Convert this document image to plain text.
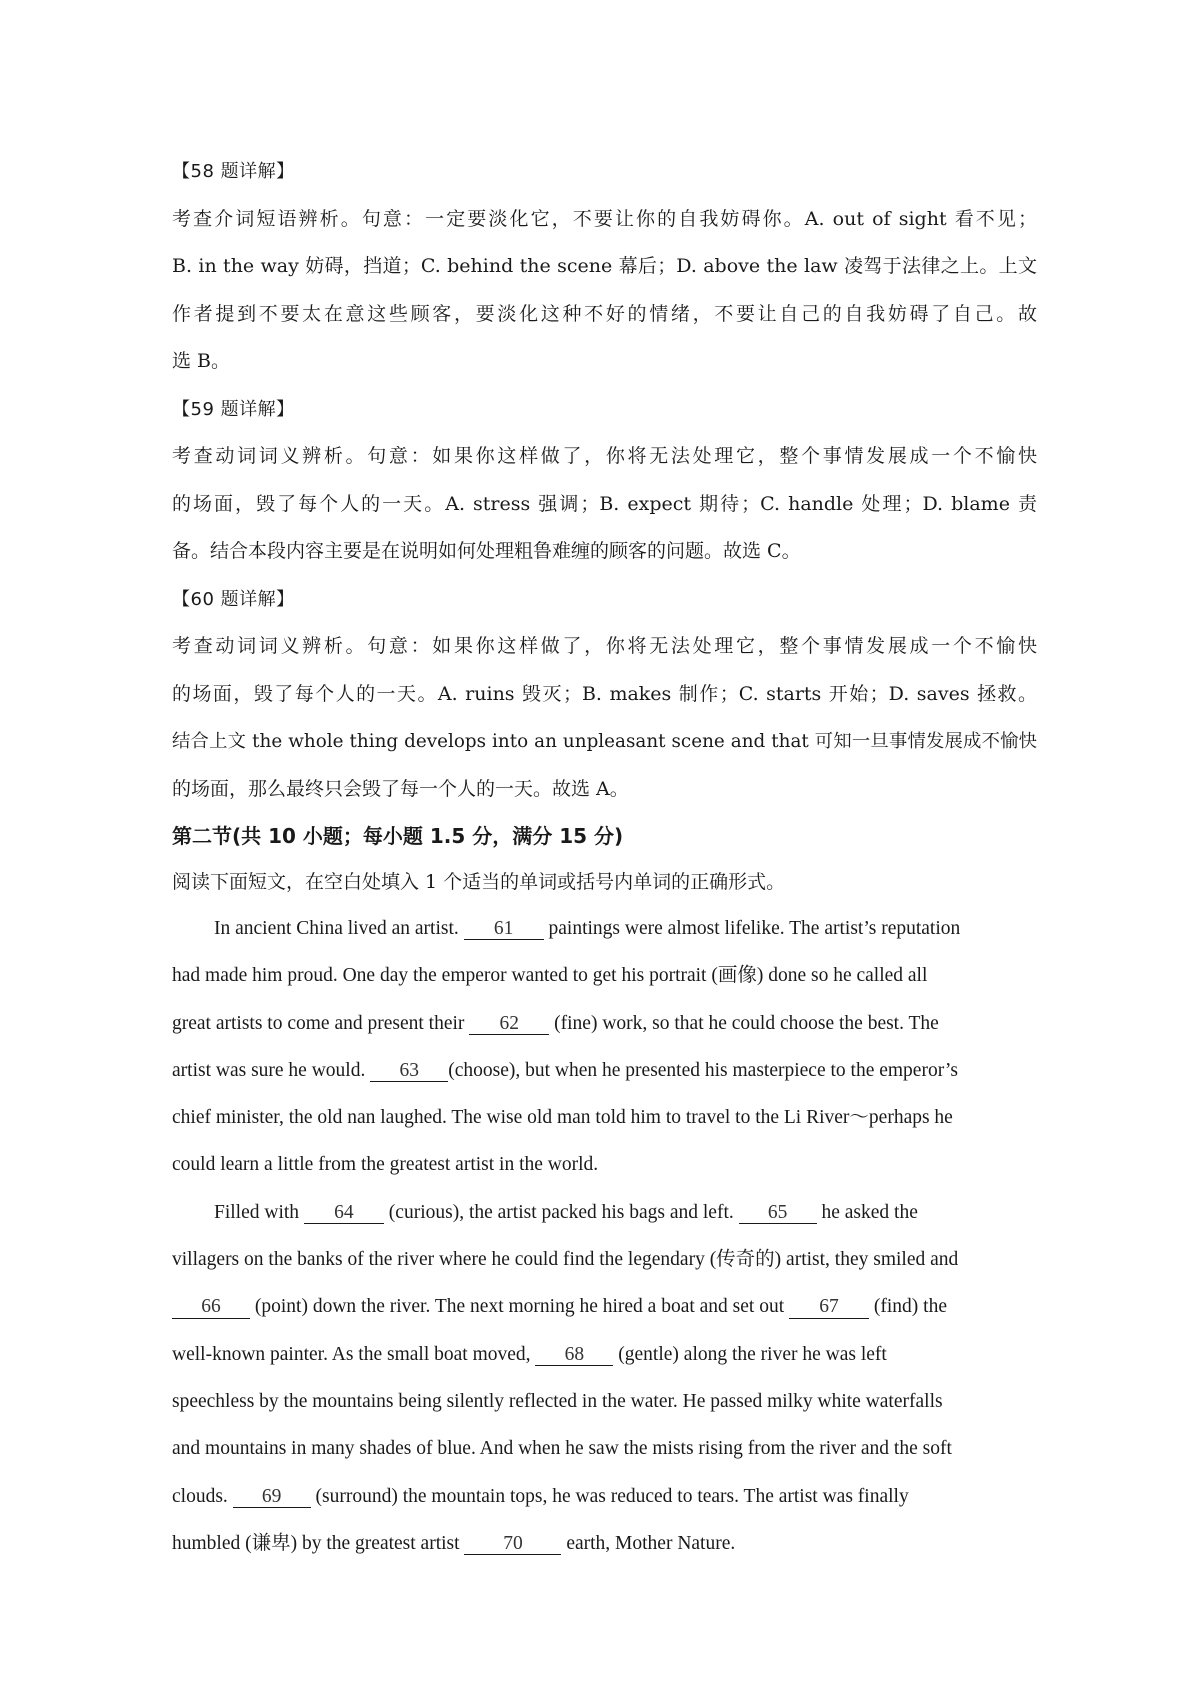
【58 题详解】
考查介词短语辨析。句意：一定要淡化它，不要让你的自我妨碍你。A. out of sight 看不见；
B. in the way 妨碍，挡道；C. behind the scene 幕后；D. above the law 凌驾于法律之上。上文
作者提到不要太在意这些顾客，要淡化这种不好的情绪，不要让自己的自我妨碍了自己。故
选 B。
【59 题详解】
考查动词词义辨析。句意：如果你这样做了，你将无法处理它，整个事情发展成一个不愉快
的场面，毁了每个人的一天。A. stress 强调；B. expect 期待；C. handle 处理；D. blame 责
备。结合本段内容主要是在说明如何处理粗鲁难缠的顾客的问题。故选 C。
【60 题详解】
考查动词词义辨析。句意：如果你这样做了，你将无法处理它，整个事情发展成一个不愉快
的场面，毁了每个人的一天。A. ruins 毁灭；B. makes 制作；C. starts 开始；D. saves 拯救。
结合上文 the whole thing develops into an unpleasant scene and that 可知一旦事情发展成不愉快
的场面，那么最终只会毁了每一个人的一天。故选 A。
第二节(共 10 小题；每小题 1.5 分，满分 15 分)
阅读下面短文，在空白处填入 1 个适当的单词或括号内单词的正确形式。
In ancient China lived an artist. 61 paintings were almost lifelike. The artist’s reputation
had made him proud. One day the emperor wanted to get his portrait (画像) done so he called all
great artists to come and present their 62 (fine) work, so that he could choose the best. The
artist was sure he would. 63 (choose), but when he presented his masterpiece to the emperor’s
chief minister, the old nan laughed. The wise old man told him to travel to the Li River～perhaps he
could learn a little from the greatest artist in the world.
Filled with 64 (curious), the artist packed his bags and left. 65 he asked the
villagers on the banks of the river where he could find the legendary (传奇的) artist, they smiled and
66 (point) down the river. The next morning he hired a boat and set out 67 (find) the
well-known painter. As the small boat moved, 68 (gentle) along the river he was left
speechless by the mountains being silently reflected in the water. He passed milky white waterfalls
and mountains in many shades of blue. And when he saw the mists rising from the river and the soft
clouds. 69 (surround) the mountain tops, he was reduced to tears. The artist was finally
humbled (谦卑) by the greatest artist 70 earth, Mother Nature.
